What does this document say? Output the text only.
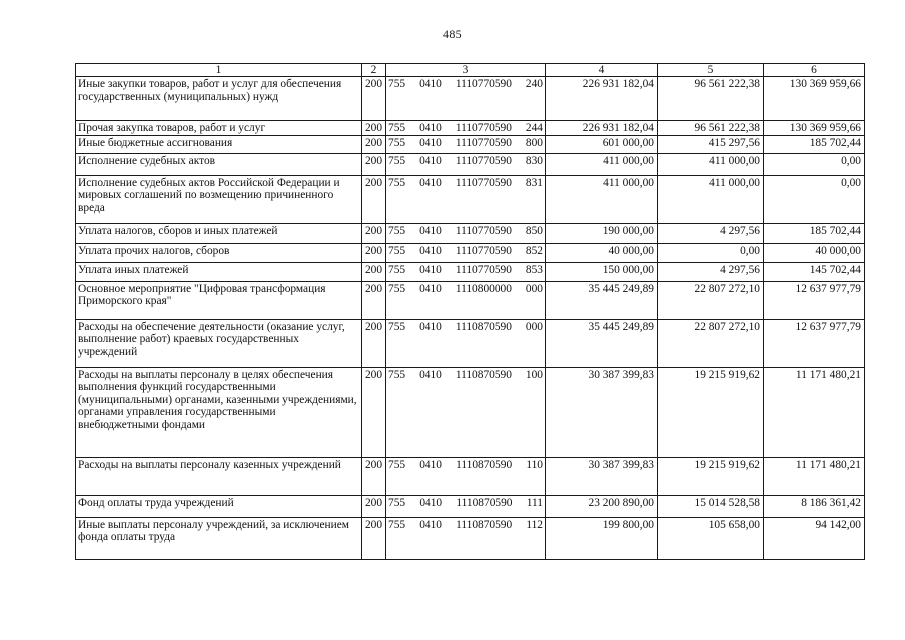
485
1	2	3	4	5	6
Иные закупки товаров, работ и услуг для обеспечения государственных (муниципальных) нужд	200	755 0410 1110770590 240	226 931 182,04	96 561 222,38	130 369 959,66
Прочая закупка товаров, работ и услуг	200	755 0410 1110770590 244	226 931 182,04	96 561 222,38	130 369 959,66
Иные бюджетные ассигнования	200	755 0410 1110770590 800	601 000,00	415 297,56	185 702,44
Исполнение судебных актов	200	755 0410 1110770590 830	411 000,00	411 000,00	0,00
Исполнение судебных актов Российской Федерации и мировых соглашений по возмещению причиненного вреда	200	755 0410 1110770590 831	411 000,00	411 000,00	0,00
Уплата налогов, сборов и иных платежей	200	755 0410 1110770590 850	190 000,00	4 297,56	185 702,44
Уплата прочих налогов, сборов	200	755 0410 1110770590 852	40 000,00	0,00	40 000,00
Уплата иных платежей	200	755 0410 1110770590 853	150 000,00	4 297,56	145 702,44
Основное мероприятие "Цифровая трансформация Приморского края"	200	755 0410 1110800000 000	35 445 249,89	22 807 272,10	12 637 977,79
Расходы на обеспечение деятельности (оказание услуг, выполнение работ) краевых государственных учреждений	200	755 0410 1110870590 000	35 445 249,89	22 807 272,10	12 637 977,79
Расходы на выплаты персоналу в целях обеспечения выполнения функций государственными (муниципальными) органами, казенными учреждениями, органами управления государственными внебюджетными фондами	200	755 0410 1110870590 100	30 387 399,83	19 215 919,62	11 171 480,21
Расходы на выплаты персоналу казенных учреждений	200	755 0410 1110870590 110	30 387 399,83	19 215 919,62	11 171 480,21
Фонд оплаты труда учреждений	200	755 0410 1110870590 111	23 200 890,00	15 014 528,58	8 186 361,42
Иные выплаты персоналу учреждений, за исключением фонда оплаты труда	200	755 0410 1110870590 112	199 800,00	105 658,00	94 142,00
